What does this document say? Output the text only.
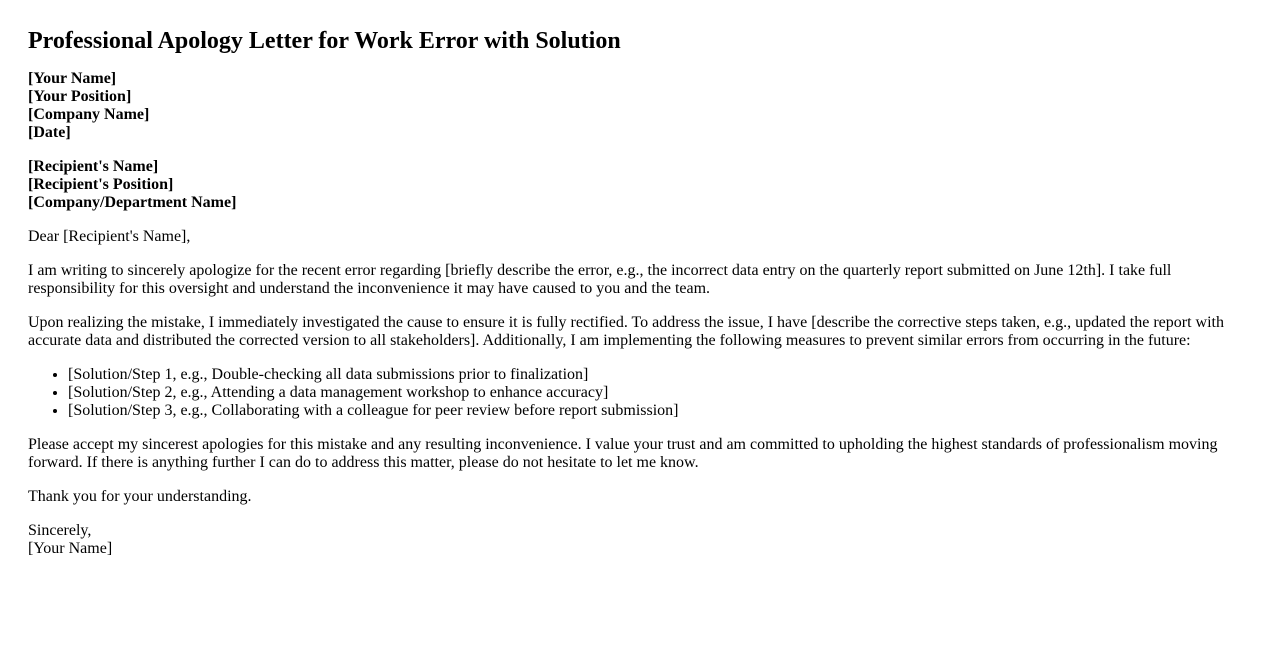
Professional Apology Letter for Work Error with Solution
[Your Name]
[Your Position]
[Company Name]
[Date]
[Recipient's Name]
[Recipient's Position]
[Company/Department Name]

Dear [Recipient's Name],

I am writing to sincerely apologize for the recent error regarding [briefly describe the error, e.g., the incorrect data entry on the quarterly report submitted on June 12th]. I take full responsibility for this oversight and understand the inconvenience it may have caused to you and the team.

Upon realizing the mistake, I immediately investigated the cause to ensure it is fully rectified. To address the issue, I have [describe the corrective steps taken, e.g., updated the report with accurate data and distributed the corrected version to all stakeholders]. Additionally, I am implementing the following measures to prevent similar errors from occurring in the future:

• [Solution/Step 1, e.g., Double-checking all data submissions prior to finalization]
• [Solution/Step 2, e.g., Attending a data management workshop to enhance accuracy]
• [Solution/Step 3, e.g., Collaborating with a colleague for peer review before report submission]

Please accept my sincerest apologies for this mistake and any resulting inconvenience. I value your trust and am committed to upholding the highest standards of professionalism moving forward. If there is anything further I can do to address this matter, please do not hesitate to let me know.

Thank you for your understanding.

Sincerely,
[Your Name]
